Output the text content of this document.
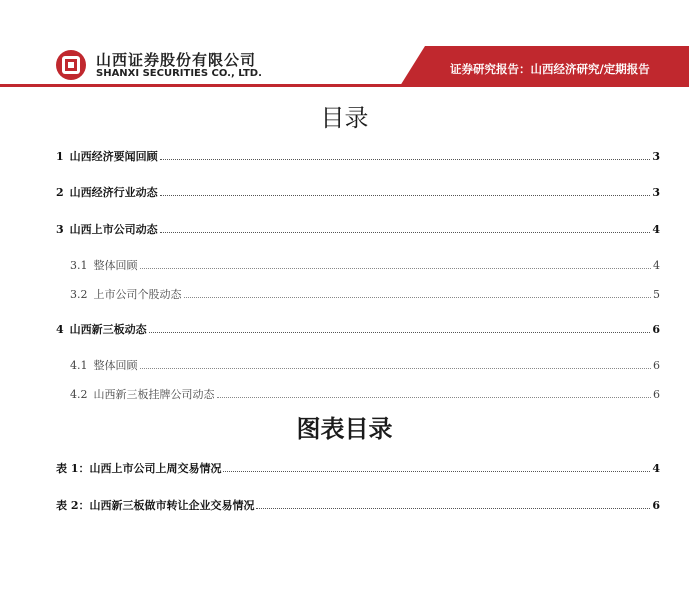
山西证券股份有限公司
SHANXI SECURITIES CO., LTD.	证券研究报告：山西经济研究/定期报告
目录
1 山西经济要闻回顾	3
2 山西经济行业动态	3
3 山西上市公司动态	4
3.1 整体回顾	4
3.2 上市公司个股动态	5
4 山西新三板动态	6
4.1 整体回顾	6
4.2 山西新三板挂牌公司动态	6
图表目录
表 1：山西上市公司上周交易情况	4
表 2：山西新三板做市转让企业交易情况	6
